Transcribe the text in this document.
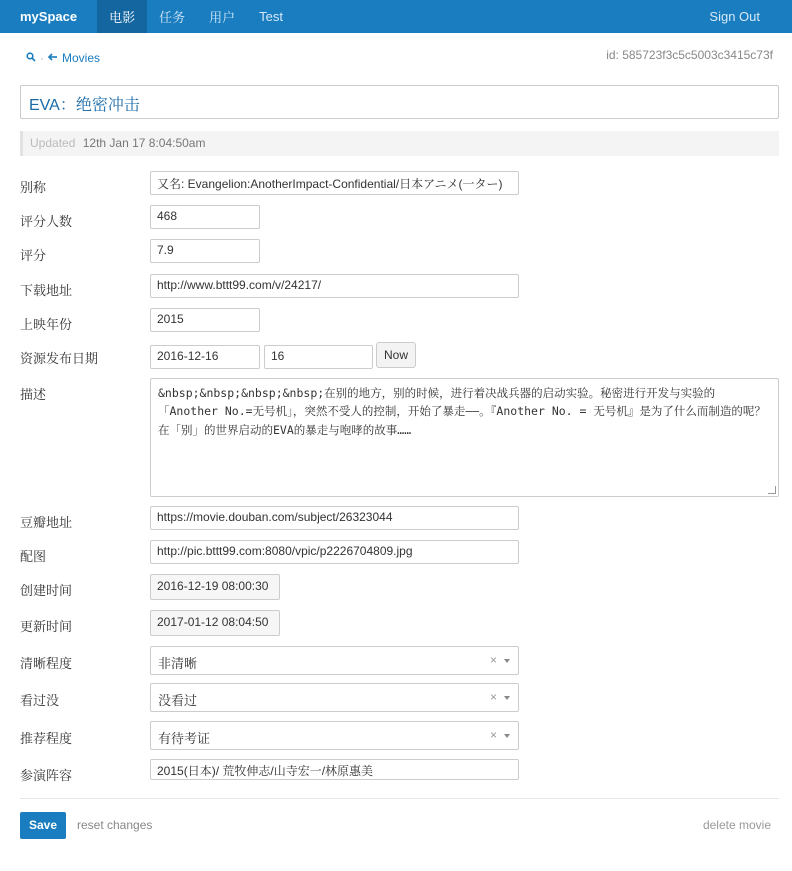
mySpace	电影	任务	用户	Test	Sign Out
· Movies	id: 585723f3c5c5003c3415c73f
EVA：绝密冲击
Updated 12th Jan 17 8:04:50am
别称	又名: Evangelion:AnotherImpact-Confidential/日本アニメ(一ター)
评分人数	468
评分	7.9
下载地址	http://www.bttt99.com/v/24217/
上映年份	2015
资源发布日期	2016-12-16	16	Now
描述	&nbsp;&nbsp;&nbsp;&nbsp;在别的地方，别的时候，进行着决战兵器的启动实验。秘密进行开发与实验的「Another No.=无号机」，突然不受人的控制，开始了暴走——。『Another No. = 无号机』是为了什么而制造的呢？在「别」的世界启动的EVA的暴走与咆哮的故事……
豆瓣地址	https://movie.douban.com/subject/26323044
配图	http://pic.bttt99.com:8080/vpic/p2226704809.jpg
创建时间	2016-12-19 08:00:30
更新时间	2017-01-12 08:04:50
清晰程度	非清晰	×
看过没	没看过	×
推荐程度	有待考证	×
参演阵容	2015(日本)/ 荒牧伸志/山寺宏一/林原惠美
Save	reset changes	delete movie
